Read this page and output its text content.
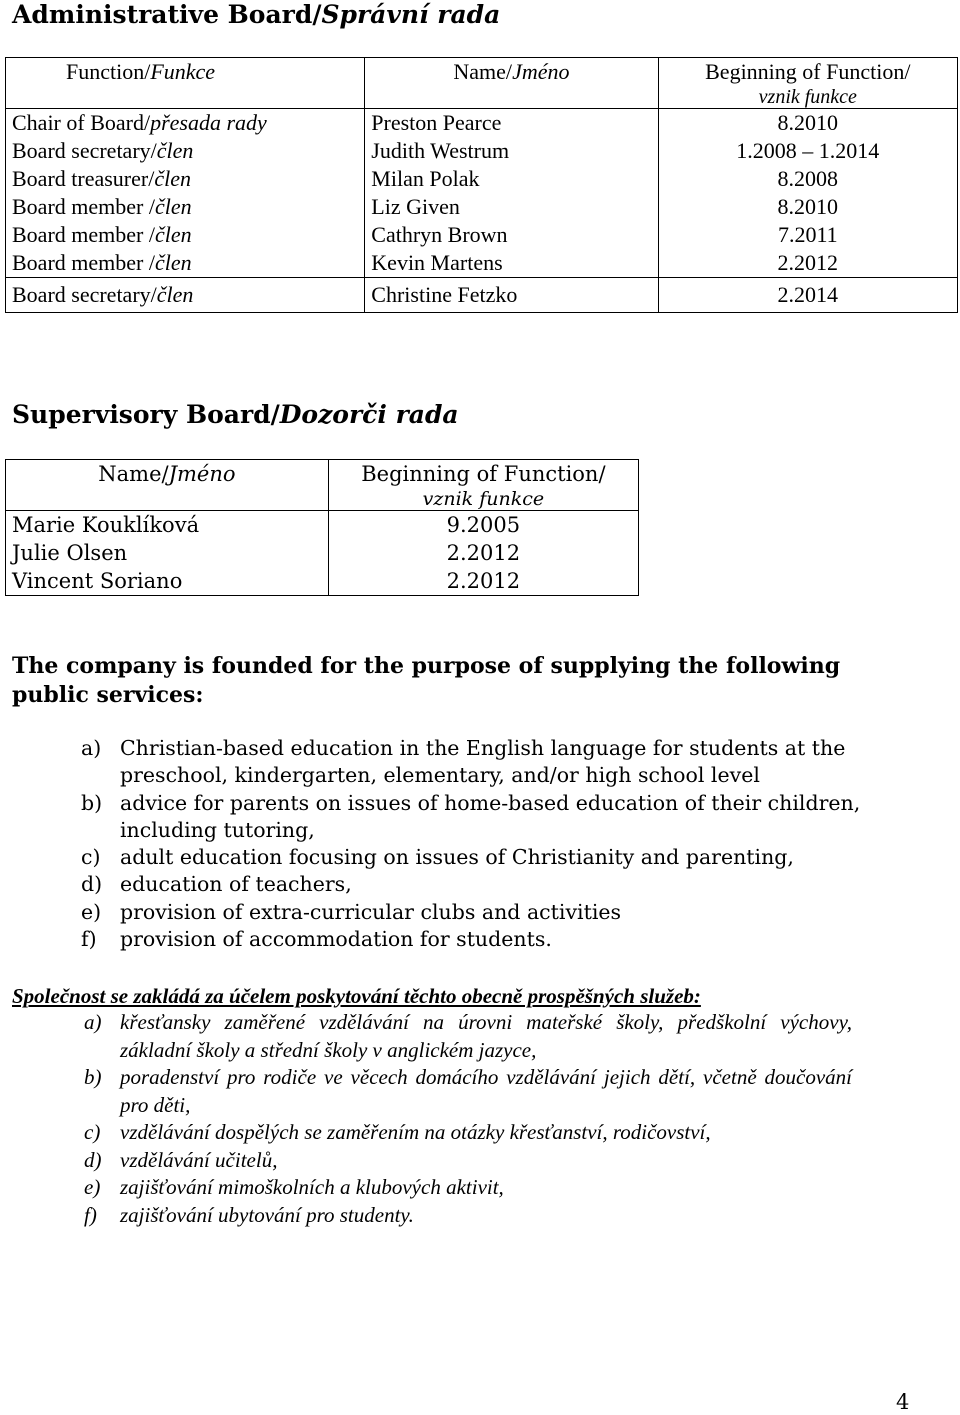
Administrative Board/Správní rada
Function/Funkce	Name/Jméno	Beginning of Function/
vznik funkce

Chair of Board/přesada rady	Preston Pearce	8.2010
Board secretary/člen	Judith Westrum	1.2008 – 1.2014
Board treasurer/člen	Milan Polak	8.2008
Board member /člen	Liz Given	8.2010
Board member /člen	Cathryn Brown	7.2011
Board member /člen	Kevin Martens	2.2012
Board secretary/člen	Christine Fetzko	2.2014
Supervisory Board/Dozorči rada
Name/Jméno	Beginning of Function/
vznik funkce

Marie Kouklíková	9.2005
Julie Olsen	2.2012
Vincent Soriano	2.2012
The company is founded for the purpose of supplying the following public services:
a) Christian-based education in the English language for students at the preschool, kindergarten, elementary, and/or high school level
b) advice for parents on issues of home-based education of their children, including tutoring,
c) adult education focusing on issues of Christianity and parenting,
d) education of teachers,
e) provision of extra-curricular clubs and activities
f) provision of accommodation for students.
Společnost se zakládá za účelem poskytování těchto obecně prospěšných služeb:
a) křesťansky zaměřené vzdělávání na úrovni mateřské školy, předškolní výchovy, základní školy a střední školy v anglickém jazyce,
b) poradenství pro rodiče ve věcech domácího vzdělávání jejich dětí, včetně doučování pro děti,
c) vzdělávání dospělých se zaměřením na otázky křesťanství, rodičovství,
d) vzdělávání učitelů,
e) zajišťování mimoškolních a klubových aktivit,
f) zajišťování ubytování pro studenty.
4
